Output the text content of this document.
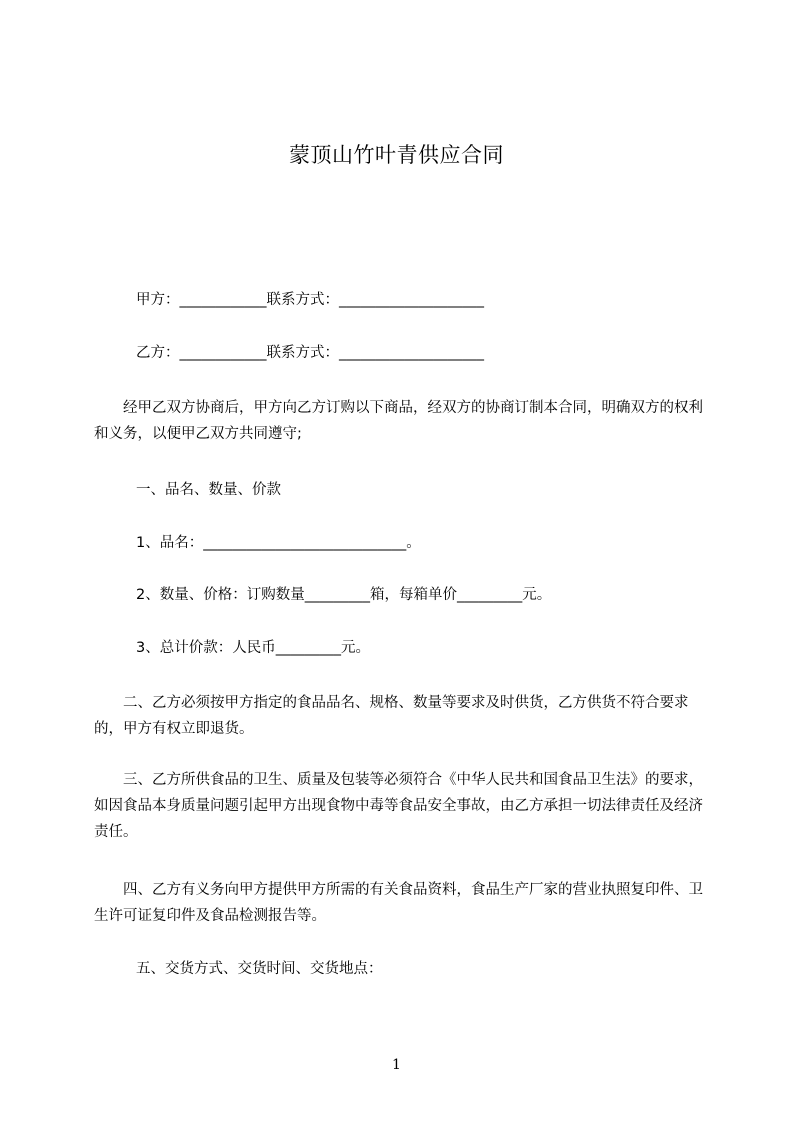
蒙顶山竹叶青供应合同
甲方：____________联系方式：____________________
乙方：____________联系方式：____________________
经甲乙双方协商后，甲方向乙方订购以下商品，经双方的协商订制本合同，明确双方的权利和义务，以便甲乙双方共同遵守;
一、品名、数量、价款
1、品名：____________________________。
2、数量、价格：订购数量_________箱，每箱单价_________元。
3、总计价款：人民币_________元。
二、乙方必须按甲方指定的食品品名、规格、数量等要求及时供货，乙方供货不符合要求的，甲方有权立即退货。
三、乙方所供食品的卫生、质量及包装等必须符合《中华人民共和国食品卫生法》的要求，如因食品本身质量问题引起甲方出现食物中毒等食品安全事故，由乙方承担一切法律责任及经济责任。
四、乙方有义务向甲方提供甲方所需的有关食品资料，食品生产厂家的营业执照复印件、卫生许可证复印件及食品检测报告等。
五、交货方式、交货时间、交货地点：
1
